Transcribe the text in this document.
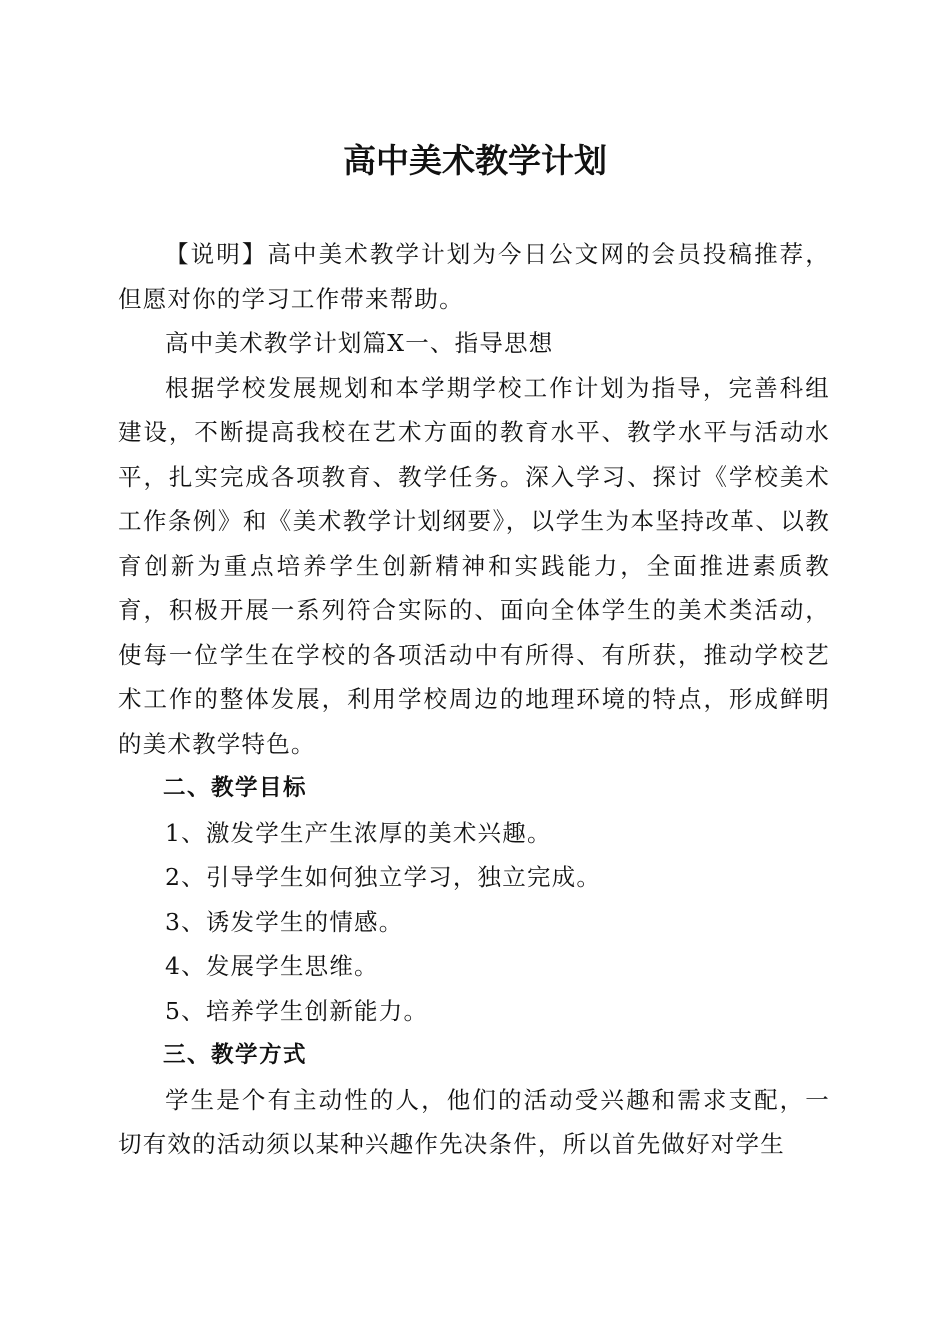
高中美术教学计划

【说明】高中美术教学计划为今日公文网的会员投稿推荐，但愿对你的学习工作带来帮助。

高中美术教学计划篇X一、指导思想

根据学校发展规划和本学期学校工作计划为指导，完善科组建设，不断提高我校在艺术方面的教育水平、教学水平与活动水平，扎实完成各项教育、教学任务。深入学习、探讨《学校美术工作条例》和《美术教学计划纲要》，以学生为本坚持改革、以教育创新为重点培养学生创新精神和实践能力，全面推进素质教育，积极开展一系列符合实际的、面向全体学生的美术类活动，使每一位学生在学校的各项活动中有所得、有所获，推动学校艺术工作的整体发展，利用学校周边的地理环境的特点，形成鲜明的美术教学特色。

二、教学目标

1、激发学生产生浓厚的美术兴趣。

2、引导学生如何独立学习，独立完成。

3、诱发学生的情感。

4、发展学生思维。

5、培养学生创新能力。

三、教学方式

学生是个有主动性的人，他们的活动受兴趣和需求支配，一切有效的活动须以某种兴趣作先决条件，所以首先做好对学生
